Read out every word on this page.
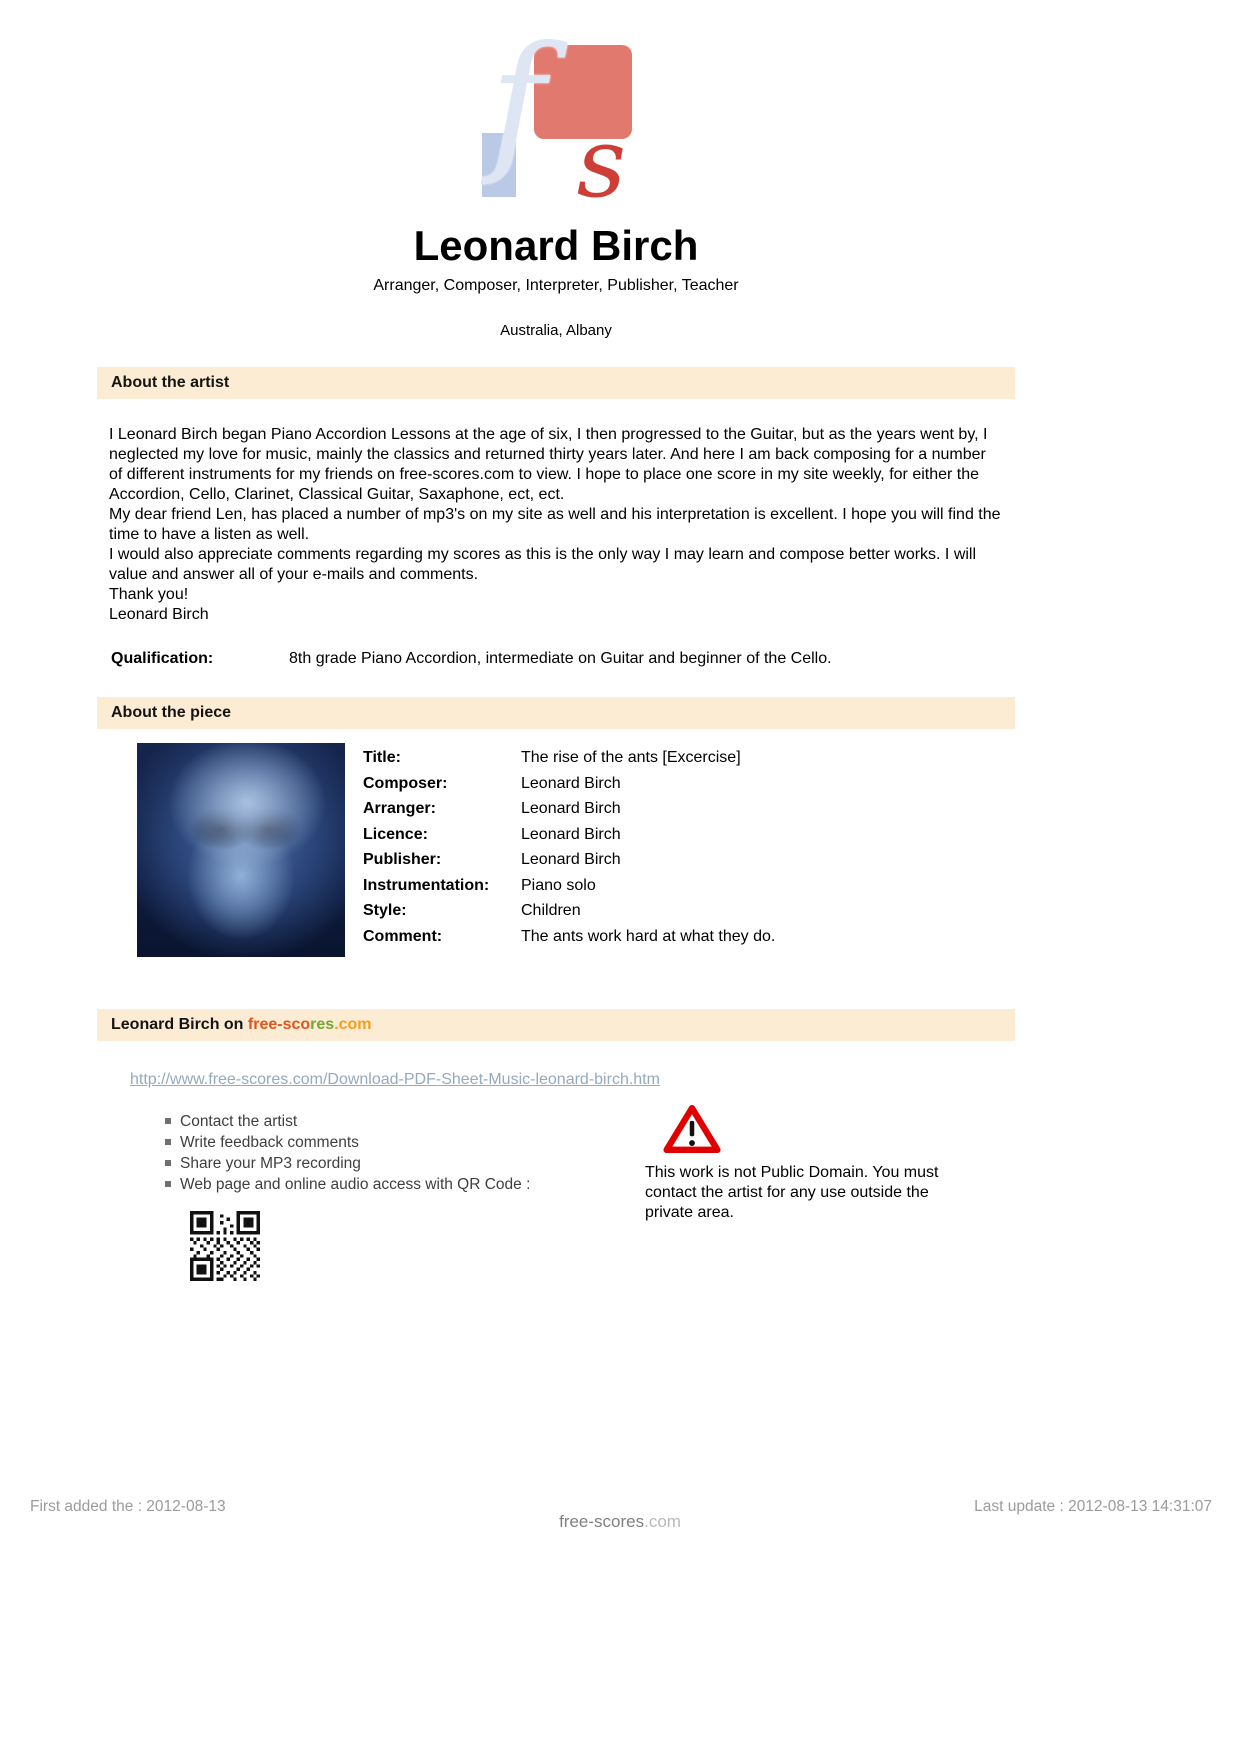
f s
Leonard Birch
Arranger, Composer, Interpreter, Publisher, Teacher
Australia, Albany
About the artist
I Leonard Birch began Piano Accordion Lessons at the age of six, I then progressed to the Guitar, but as the years went by, I neglected my love for music, mainly the classics and returned thirty years later. And here I am back composing for a number of different instruments for my friends on free-scores.com to view. I hope to place one score in my site weekly, for either the Accordion, Cello, Clarinet, Classical Guitar, Saxaphone, ect, ect.
My dear friend Len, has placed a number of mp3's on my site as well and his interpretation is excellent. I hope you will find the time to have a listen as well.
I would also appreciate comments regarding my scores as this is the only way I may learn and compose better works. I will value and answer all of your e-mails and comments.
Thank you!
Leonard Birch
Qualification:	8th grade Piano Accordion, intermediate on Guitar and beginner of the Cello.
About the piece
Title:	The rise of the ants [Excercise]
Composer:	Leonard Birch
Arranger:	Leonard Birch
Licence:	Leonard Birch
Publisher:	Leonard Birch
Instrumentation:	Piano solo
Style:	Children
Comment:	The ants work hard at what they do.
Leonard Birch on free-scores.com
http://www.free-scores.com/Download-PDF-Sheet-Music-leonard-birch.htm
Contact the artist
Write feedback comments
Share your MP3 recording
Web page and online audio access with QR Code :
This work is not Public Domain. You must contact the artist for any use outside the private area.
First added the : 2012-08-13	Last update : 2012-08-13 14:31:07
free-scores.com
